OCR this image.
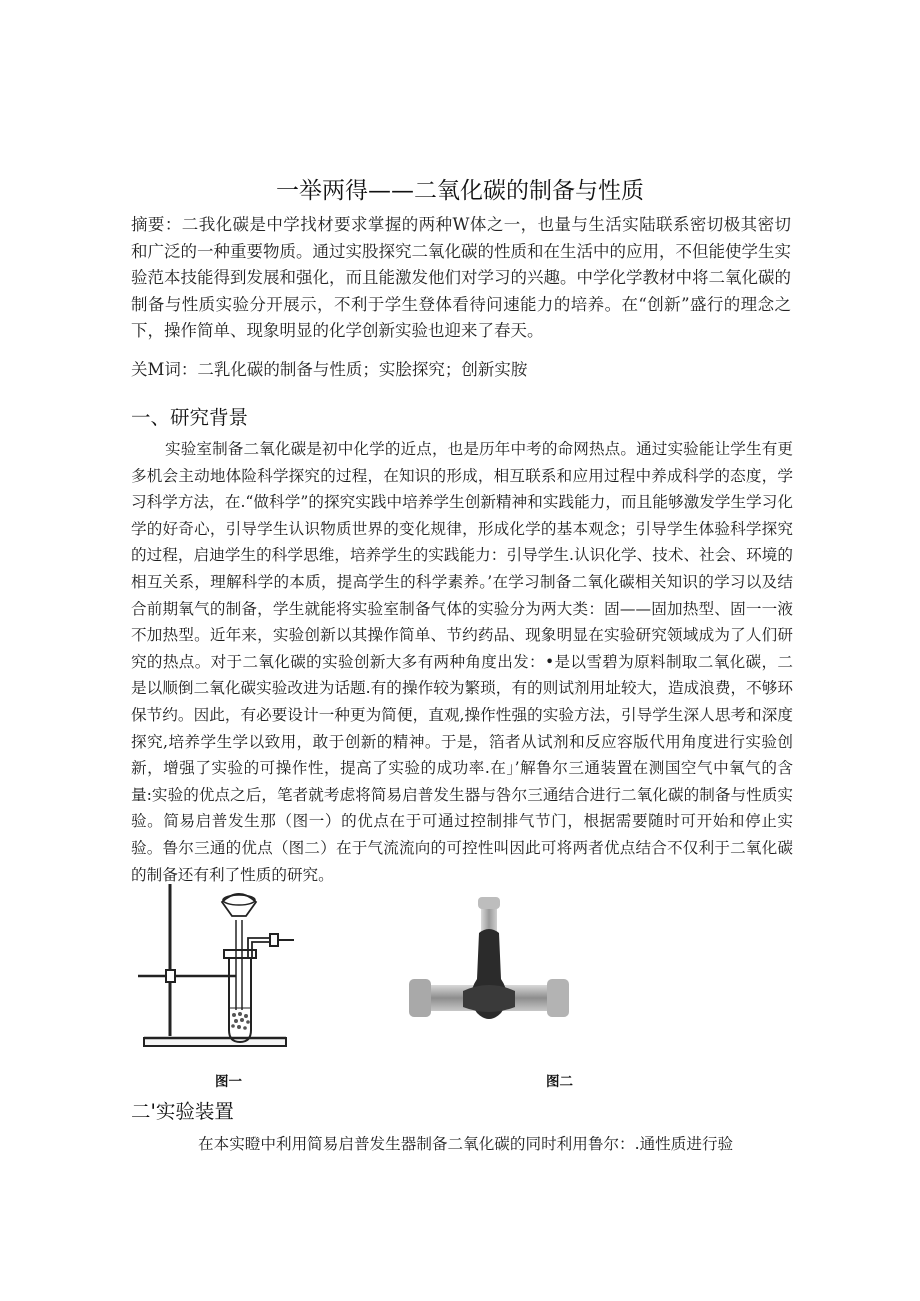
一举两得——二氧化碳的制备与性质
摘要：二我化碳是中学找材要求掌握的两种W体之一，也量与生活实陆联系密切极其密切和广泛的一种重要物质。通过实股探究二氧化碳的性质和在生活中的应用，不但能使学生实验范本技能得到发展和强化，而且能激发他们对学习的兴趣。中学化学教材中将二氧化碳的制备与性质实验分开展示，不利于学生登体看待问速能力的培养。在“创新”盛行的理念之下，操作简单、现象明显的化学创新实验也迎来了春天。
关M词：二乳化碳的制备与性质；实脍探究；创新实胺
一、研究背景
实验室制备二氧化碳是初中化学的近点，也是历年中考的命网热点。通过实验能让学生有更多机会主动地体险科学探究的过程，在知识的形成，相互联系和应用过程中养成科学的态度，学习科学方法，在.“做科学”的探究实践中培养学生创新精神和实践能力，而且能够激发学生学习化学的好奇心，引导学生认识物质世界的变化规律，形成化学的基本观念；引导学生体验科学探究的过程，启迪学生的科学思维，培养学生的实践能力：引导学生.认识化学、技术、社会、环境的相互关系，理解科学的本质，提高学生的科学素养。’在学习制备二氧化碳相关知识的学习以及结合前期氧气的制备，学生就能将实验室制备气体的实验分为两大类：固——固加热型、固一一液不加热型。近年来，实验创新以其操作简单、节约药品、现象明显在实验研究领域成为了人们研究的热点。对于二氧化碳的实验创新大多有两种角度出发：•是以雪碧为原料制取二氧化碳，二是以顺倒二氧化碳实验改进为话题.有的操作较为繁琐，有的则试剂用址较大，造成浪费，不够环保节约。因此，有必要设计一种更为简便，直观,操作性强的实验方法，引导学生深人思考和深度探究,培养学生学以致用，敢于创新的精神。于是，箔者从试剂和反应容版代用角度进行实验创新，增强了实验的可操作性，提高了实验的成功率.在」’解鲁尔三通装置在测国空气中氧气的含量:实验的优点之后，笔者就考虑将简易启普发生器与咎尔三通结合进行二氧化碳的制备与性质实验。简易启普发生那（图一）的优点在于可通过控制排气节门，根据需要随时可开始和停止实验。鲁尔三通的优点（图二）在于气流流向的可控性叫因此可将两者优点结合不仅利于二氧化碳的制备还有利了性质的研究。
图一	图二
二'实验装置
在本实瞪中利用简易启普发生器制备二氧化碳的同时利用鲁尔：.通性质进行验
